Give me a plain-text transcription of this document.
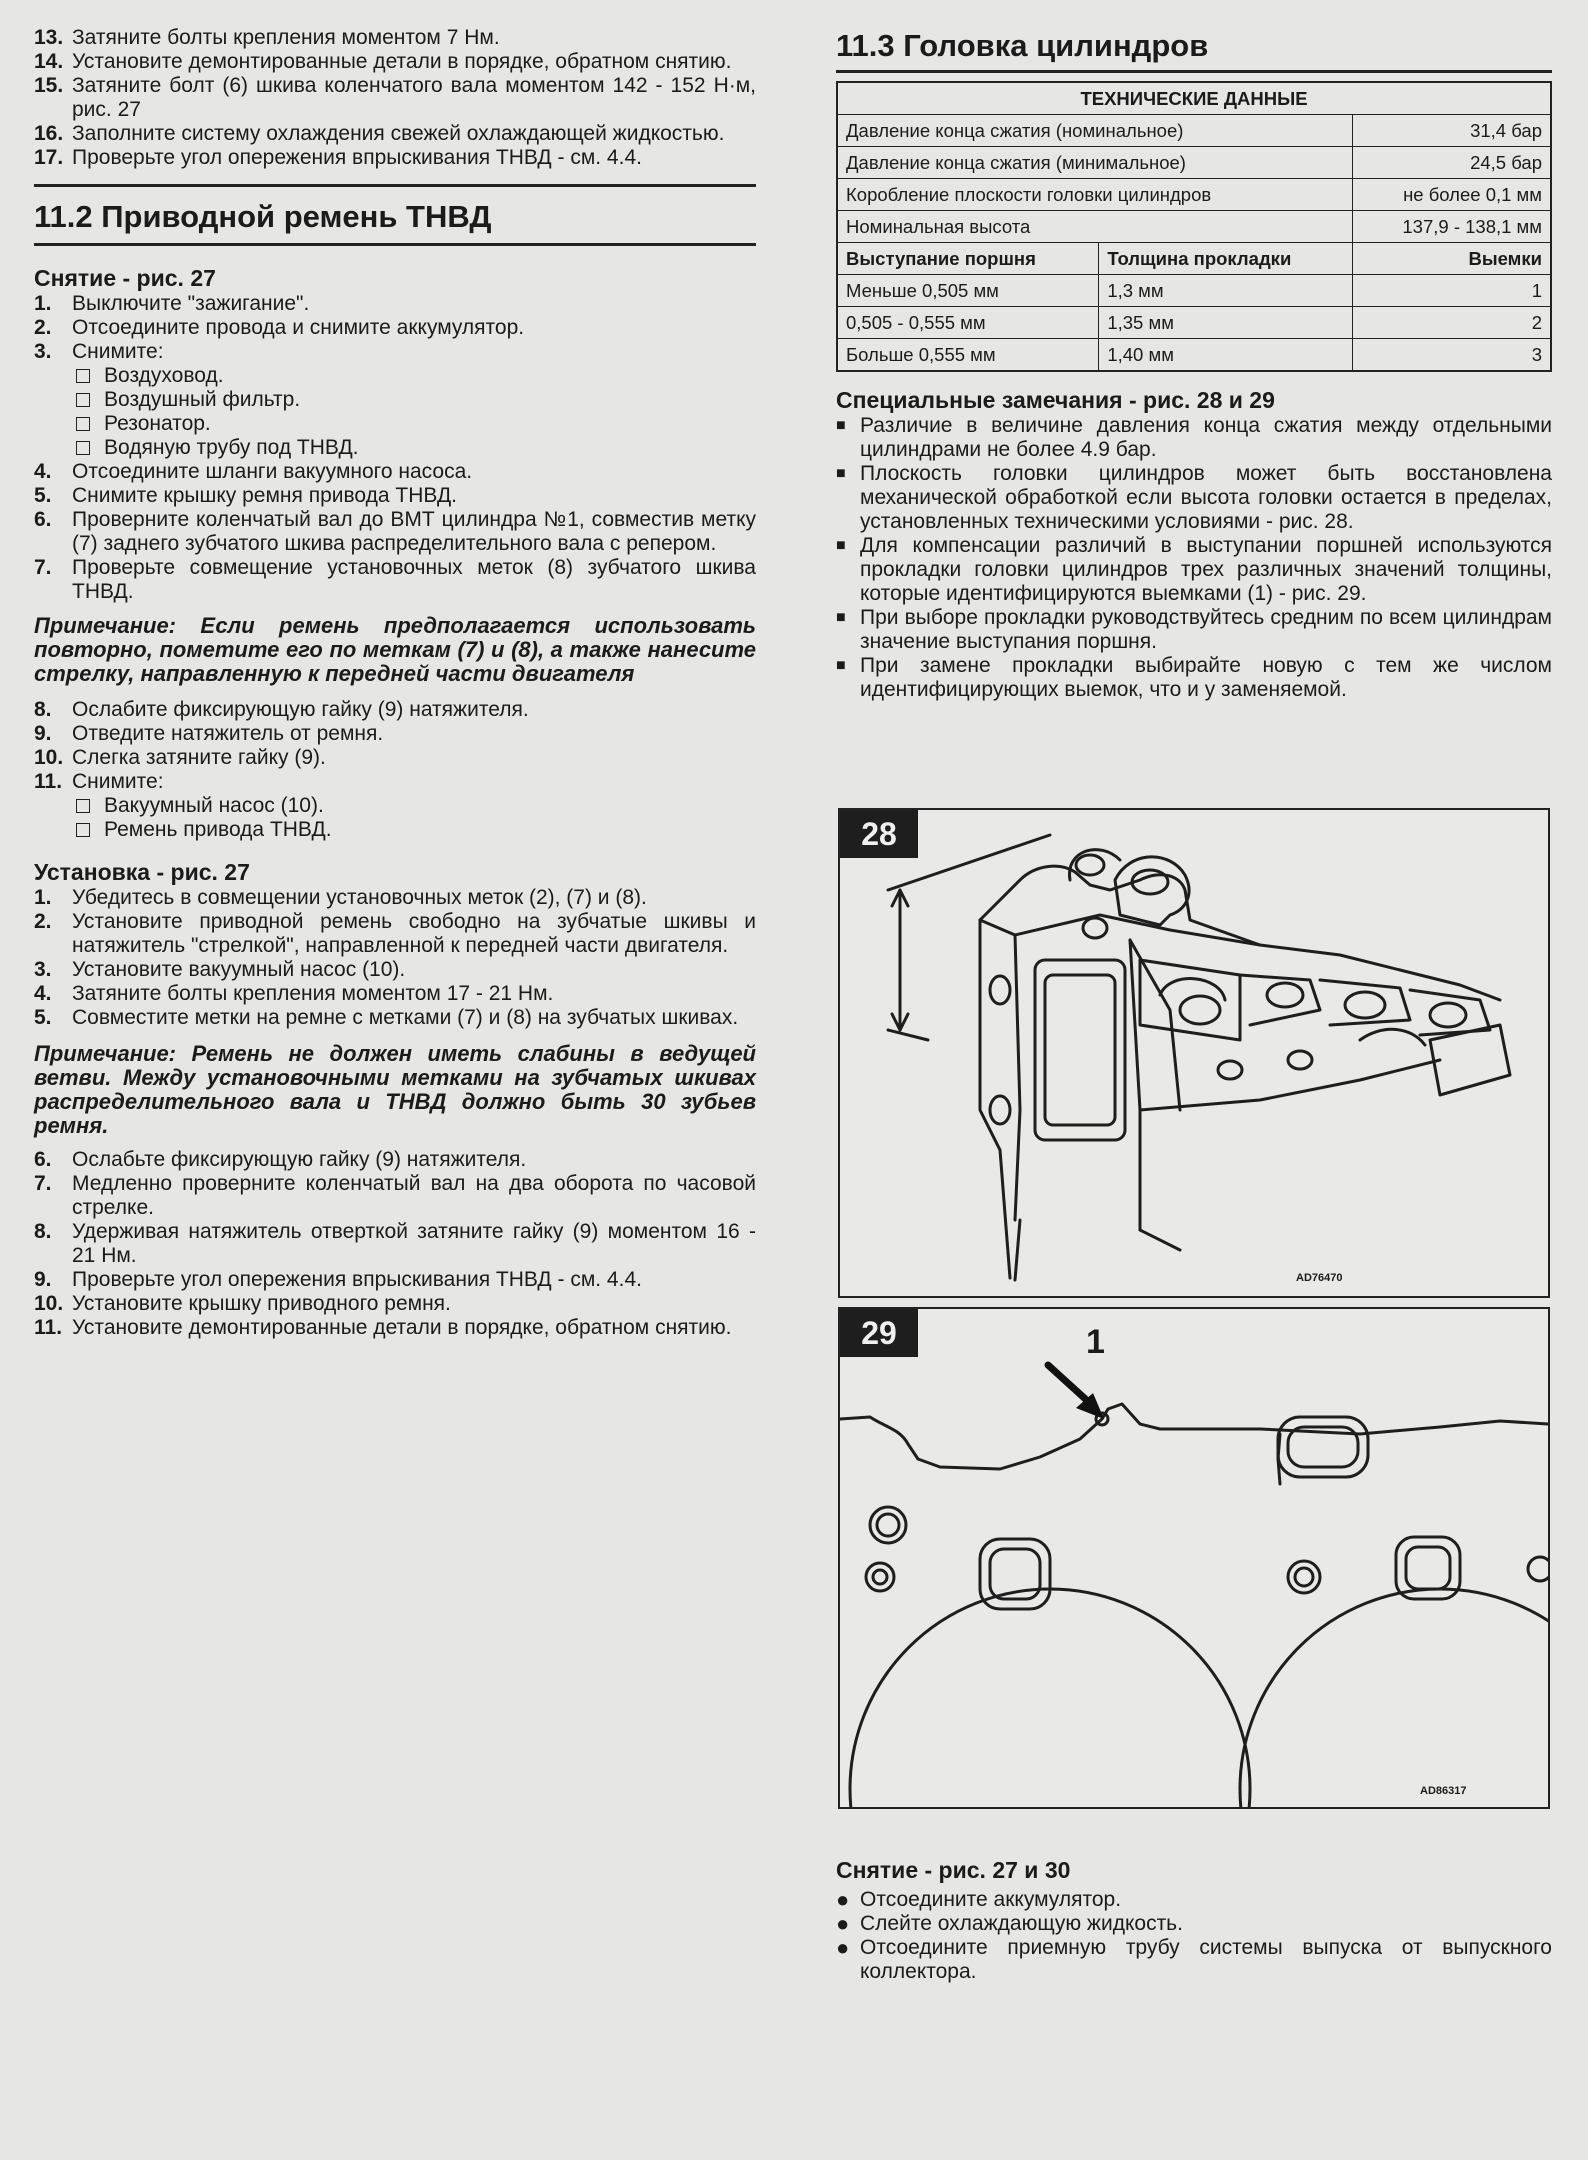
13. Затяните болты крепления моментом 7 Нм.
14. Установите демонтированные детали в порядке, обратном снятию.
15. Затяните болт (6) шкива коленчатого вала моментом 142 - 152 Н·м, рис. 27
16. Заполните систему охлаждения свежей охлаждающей жидкостью.
17. Проверьте угол опережения впрыскивания ТНВД - см. 4.4.
11.2 Приводной ремень ТНВД
Снятие - рис. 27
1. Выключите "зажигание".
2. Отсоедините провода и снимите аккумулятор.
3. Снимите:
Воздуховод.
Воздушный фильтр.
Резонатор.
Водяную трубу под ТНВД.
4. Отсоедините шланги вакуумного насоса.
5. Снимите крышку ремня привода ТНВД.
6. Проверните коленчатый вал до ВМТ цилиндра №1, совместив метку (7) заднего зубчатого шкива распределительного вала с репером.
7. Проверьте совмещение установочных меток (8) зубчатого шкива ТНВД.

Примечание: Если ремень предполагается использовать повторно, пометите его по меткам (7) и (8), а также нанесите стрелку, направленную к передней части двигателя

8. Ослабите фиксирующую гайку (9) натяжителя.
9. Отведите натяжитель от ремня.
10. Слегка затяните гайку (9).
11. Снимите:
Вакуумный насос (10).
Ремень привода ТНВД.
Установка - рис. 27
1. Убедитесь в совмещении установочных меток (2), (7) и (8).
2. Установите приводной ремень свободно на зубчатые шкивы и натяжитель "стрелкой", направленной к передней части двигателя.
3. Установите вакуумный насос (10).
4. Затяните болты крепления моментом 17 - 21 Нм.
5. Совместите метки на ремне с метками (7) и (8) на зубчатых шкивах.

Примечание: Ремень не должен иметь слабины в ведущей ветви. Между установочными метками на зубчатых шкивах распределительного вала и ТНВД должно быть 30 зубьев ремня.

6. Ослабьте фиксирующую гайку (9) натяжителя.
7. Медленно проверните коленчатый вал на два оборота по часовой стрелке.
8. Удерживая натяжитель отверткой затяните гайку (9) моментом 16 - 21 Нм.
9. Проверьте угол опережения впрыскивания ТНВД - см. 4.4.
10. Установите крышку приводного ремня.
11. Установите демонтированные детали в порядке, обратном снятию.
11.3 Головка цилиндров
ТЕХНИЧЕСКИЕ ДАННЫЕ		
Давление конца сжатия (номинальное)		31,4 бар
Давление конца сжатия (минимальное)		24,5 бар
Коробление плоскости головки цилиндров		не более 0,1 мм
Номинальная высота		137,9 - 138,1 мм
Выступание поршня	Толщина прокладки	Выемки
Меньше 0,505 мм	1,3 мм	1
0,505 - 0,555 мм	1,35 мм	2
Больше 0,555 мм	1,40 мм	3
Специальные замечания - рис. 28 и 29
■ Различие в величине давления конца сжатия между отдельными цилиндрами не более 4.9 бар.
■ Плоскость головки цилиндров может быть восстановлена механической обработкой если высота головки остается в пределах, установленных техническими условиями - рис. 28.
■ Для компенсации различий в выступании поршней используются прокладки головки цилиндров трех различных значений толщины, которые идентифицируются выемками (1) - рис. 29.
■ При выборе прокладки руководствуйтесь средним по всем цилиндрам значение выступания поршня.
■ При замене прокладки выбирайте новую с тем же числом идентифицирующих выемок, что и у заменяемой.
28
AD76470
29	1
AD86317
Снятие - рис. 27 и 30
● Отсоедините аккумулятор.
● Слейте охлаждающую жидкость.
● Отсоедините приемную трубу системы выпуска от выпускного коллектора.
